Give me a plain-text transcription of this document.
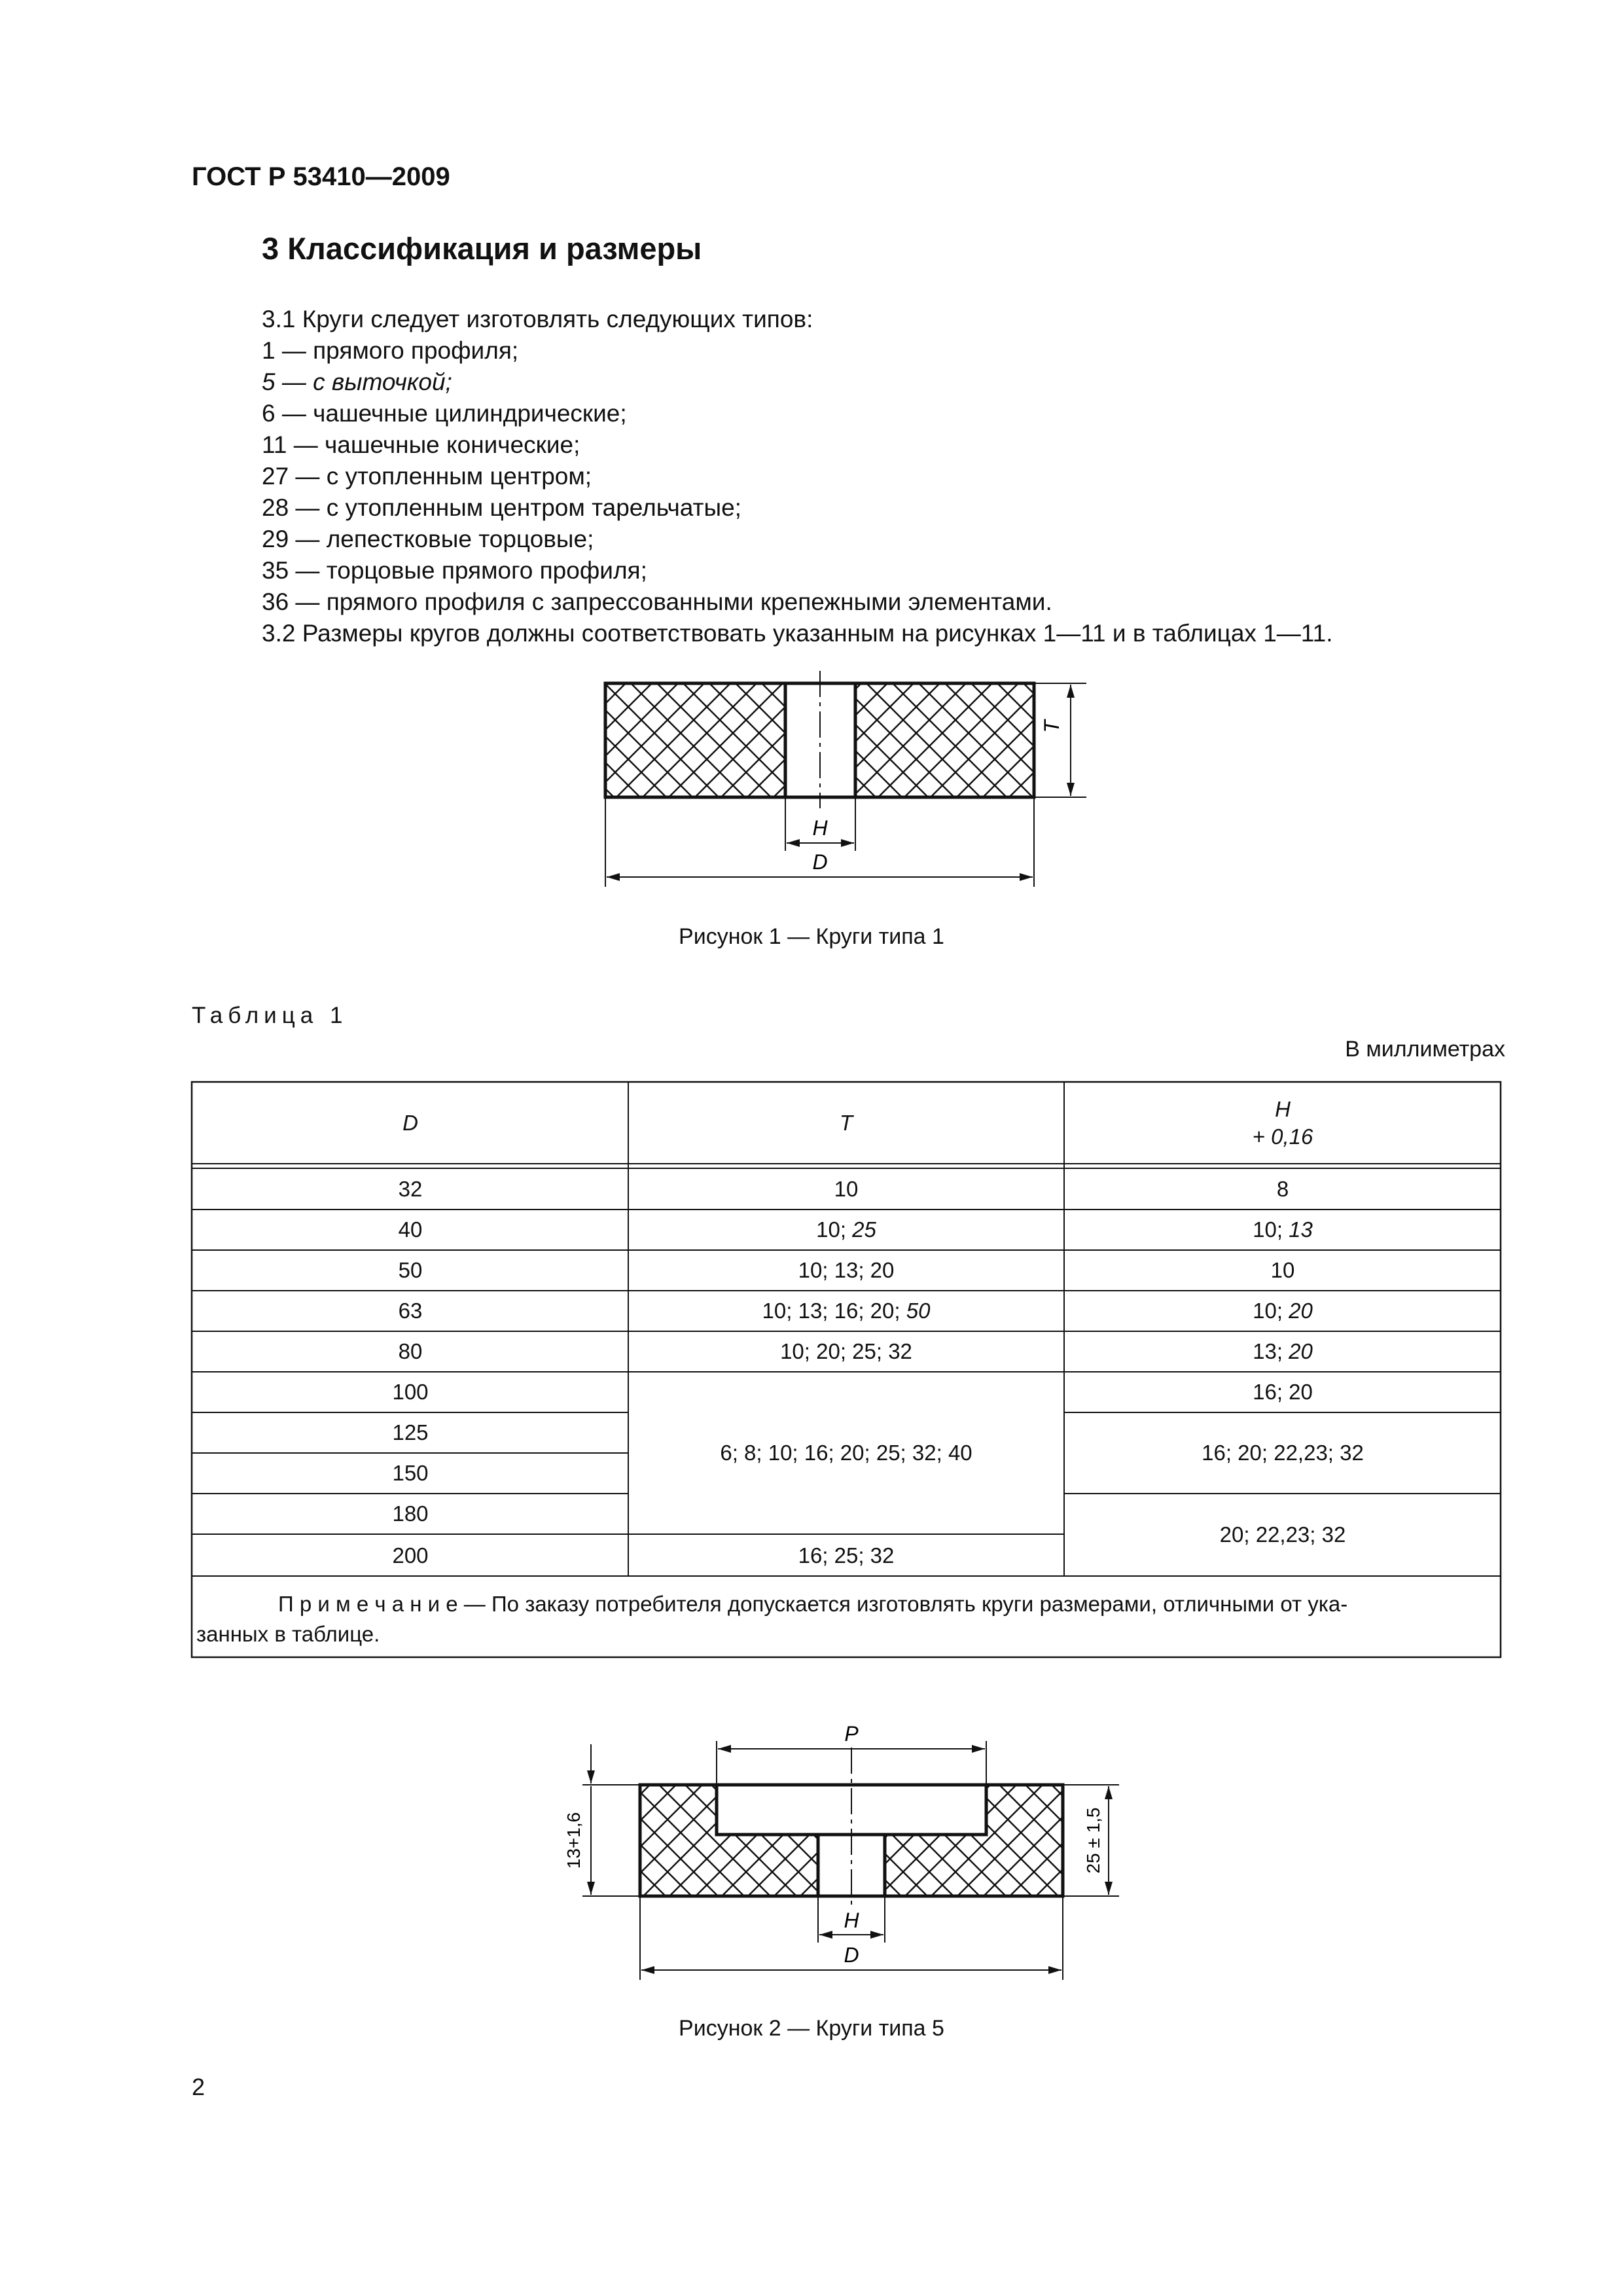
ГОСТ Р 53410—2009
3 Классификация и размеры
3.1 Круги следует изготовлять следующих типов:
1 — прямого профиля;
5 — с выточкой;
6 — чашечные цилиндрические;
11 — чашечные конические;
27 — с утопленным центром;
28 — с утопленным центром тарельчатые;
29 — лепестковые торцовые;
35 — торцовые прямого профиля;
36 — прямого профиля с запрессованными крепежными элементами.
3.2 Размеры кругов должны соответствовать указанным на рисунках 1—11 и в таблицах 1—11.
T
H
D
Рисунок 1 — Круги типа 1
Таблица 1
В миллиметрах
D	T
H
+ 0,16
32
40
50
63
80
100
125
150
180
200
10
10; 25
10; 13; 20
10; 13; 16; 20; 50
10; 20; 25; 32
6; 8; 10; 16; 20; 25; 32; 40
16; 25; 32
8
10; 13
10
10; 20
13; 20
16; 20
16; 20; 22,23; 32
20; 22,23; 32
П р и м е ч а н и е — По заказу потребителя допускается изготовлять круги размерами, отличными от ука-
занных в таблице.
P
13+1,6	25 ± 1,5
H
D
Рисунок 2 — Круги типа 5
2
